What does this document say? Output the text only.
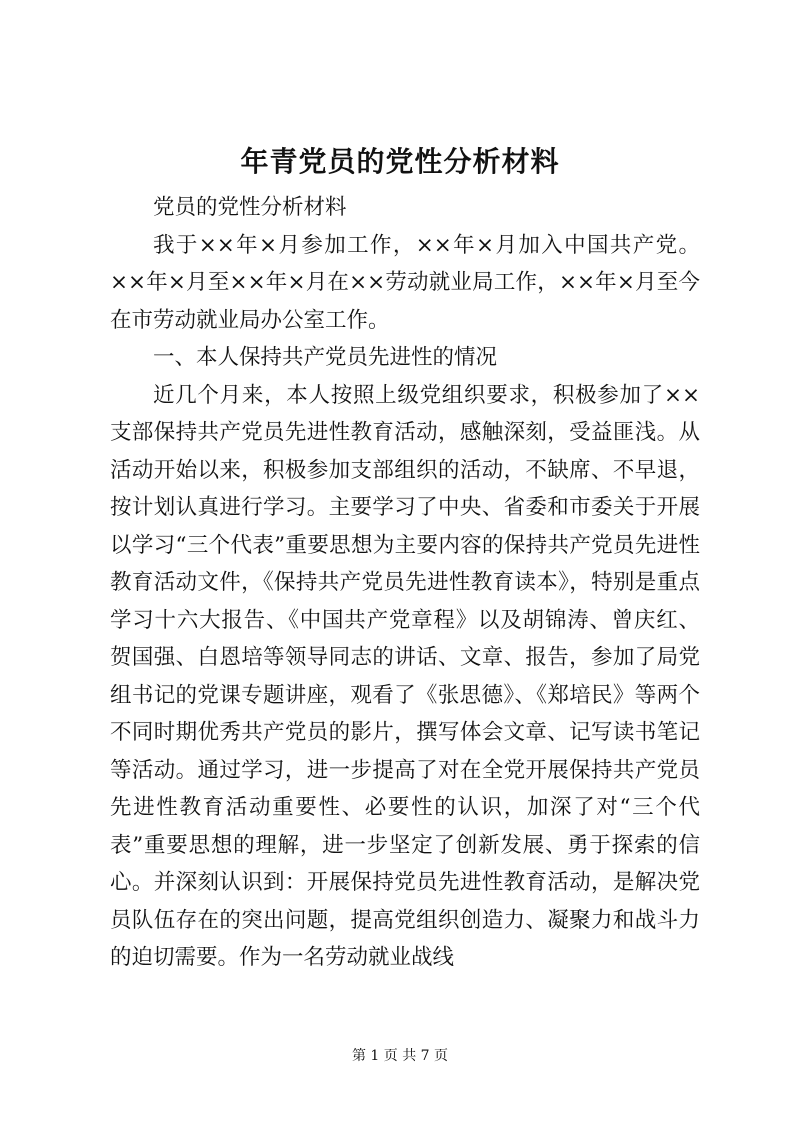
年青党员的党性分析材料

党员的党性分析材料

我于××年×月参加工作，××年×月加入中国共产党。××年×月至××年×月在××劳动就业局工作，××年×月至今在市劳动就业局办公室工作。

一、本人保持共产党员先进性的情况

近几个月来，本人按照上级党组织要求，积极参加了××支部保持共产党员先进性教育活动，感触深刻，受益匪浅。从活动开始以来，积极参加支部组织的活动，不缺席、不早退，按计划认真进行学习。主要学习了中央、省委和市委关于开展以学习“三个代表”重要思想为主要内容的保持共产党员先进性教育活动文件，《保持共产党员先进性教育读本》，特别是重点学习十六大报告、《中国共产党章程》以及胡锦涛、曾庆红、贺国强、白恩培等领导同志的讲话、文章、报告，参加了局党组书记的党课专题讲座，观看了《张思德》、《郑培民》等两个不同时期优秀共产党员的影片，撰写体会文章、记写读书笔记等活动。通过学习，进一步提高了对在全党开展保持共产党员先进性教育活动重要性、必要性的认识，加深了对“三个代表”重要思想的理解，进一步坚定了创新发展、勇于探索的信心。并深刻认识到：开展保持党员先进性教育活动，是解决党员队伍存在的突出问题，提高党组织创造力、凝聚力和战斗力的迫切需要。作为一名劳动就业战线

第 1 页 共 7 页
